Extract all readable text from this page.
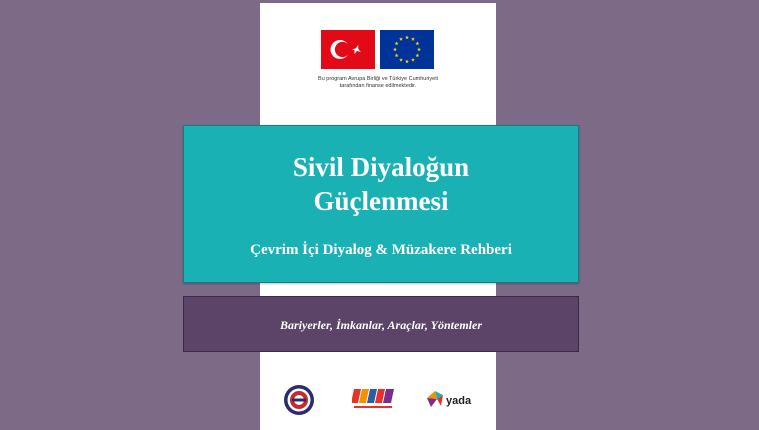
Bu program Avrupa Birliği ve Türkiye Cumhuriyeti
tarafından finanse edilmektedir.
Sivil Diyaloğun
Güçlenmesi
Çevrim İçi Diyalog & Müzakere Rehberi
Bariyerler, İmkanlar, Araçlar, Yöntemler
yada
